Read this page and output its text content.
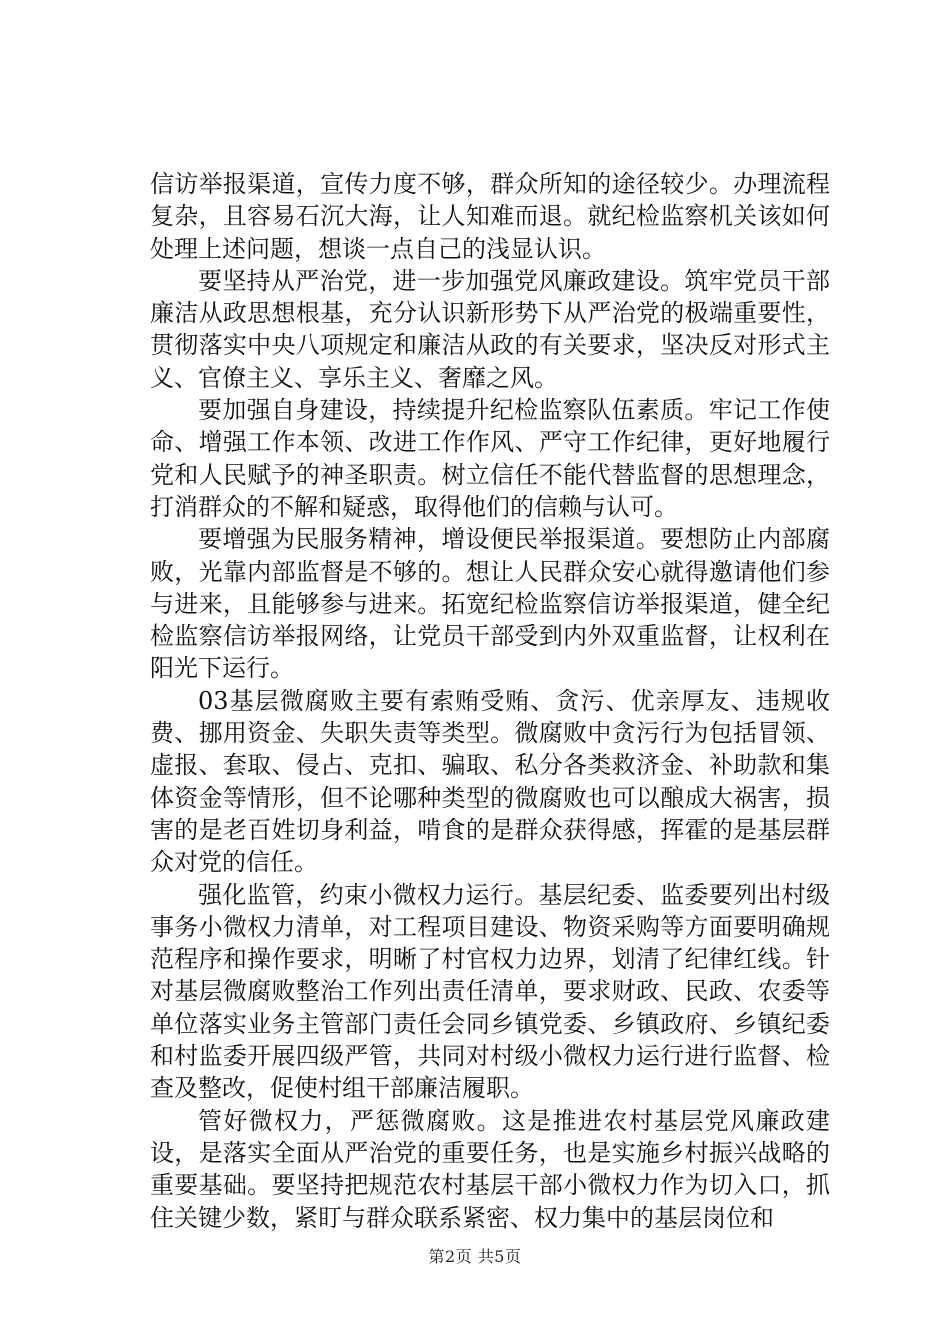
信访举报渠道，宣传力度不够，群众所知的途径较少。办理流程复杂，且容易石沉大海，让人知难而退。就纪检监察机关该如何处理上述问题，想谈一点自己的浅显认识。

要坚持从严治党，进一步加强党风廉政建设。筑牢党员干部廉洁从政思想根基，充分认识新形势下从严治党的极端重要性，贯彻落实中央八项规定和廉洁从政的有关要求，坚决反对形式主义、官僚主义、享乐主义、奢靡之风。

要加强自身建设，持续提升纪检监察队伍素质。牢记工作使命、增强工作本领、改进工作作风、严守工作纪律，更好地履行党和人民赋予的神圣职责。树立信任不能代替监督的思想理念，打消群众的不解和疑惑，取得他们的信赖与认可。

要增强为民服务精神，增设便民举报渠道。要想防止内部腐败，光靠内部监督是不够的。想让人民群众安心就得邀请他们参与进来，且能够参与进来。拓宽纪检监察信访举报渠道，健全纪检监察信访举报网络，让党员干部受到内外双重监督，让权利在阳光下运行。

03基层微腐败主要有索贿受贿、贪污、优亲厚友、违规收费、挪用资金、失职失责等类型。微腐败中贪污行为包括冒领、虚报、套取、侵占、克扣、骗取、私分各类救济金、补助款和集体资金等情形，但不论哪种类型的微腐败也可以酿成大祸害，损害的是老百姓切身利益，啃食的是群众获得感，挥霍的是基层群众对党的信任。

强化监管，约束小微权力运行。基层纪委、监委要列出村级事务小微权力清单，对工程项目建设、物资采购等方面要明确规范程序和操作要求，明晰了村官权力边界，划清了纪律红线。针对基层微腐败整治工作列出责任清单，要求财政、民政、农委等单位落实业务主管部门责任会同乡镇党委、乡镇政府、乡镇纪委和村监委开展四级严管，共同对村级小微权力运行进行监督、检查及整改，促使村组干部廉洁履职。

管好微权力，严惩微腐败。这是推进农村基层党风廉政建设，是落实全面从严治党的重要任务，也是实施乡村振兴战略的重要基础。要坚持把规范农村基层干部小微权力作为切入口，抓住关键少数，紧盯与群众联系紧密、权力集中的基层岗位和

第2页 共5页
